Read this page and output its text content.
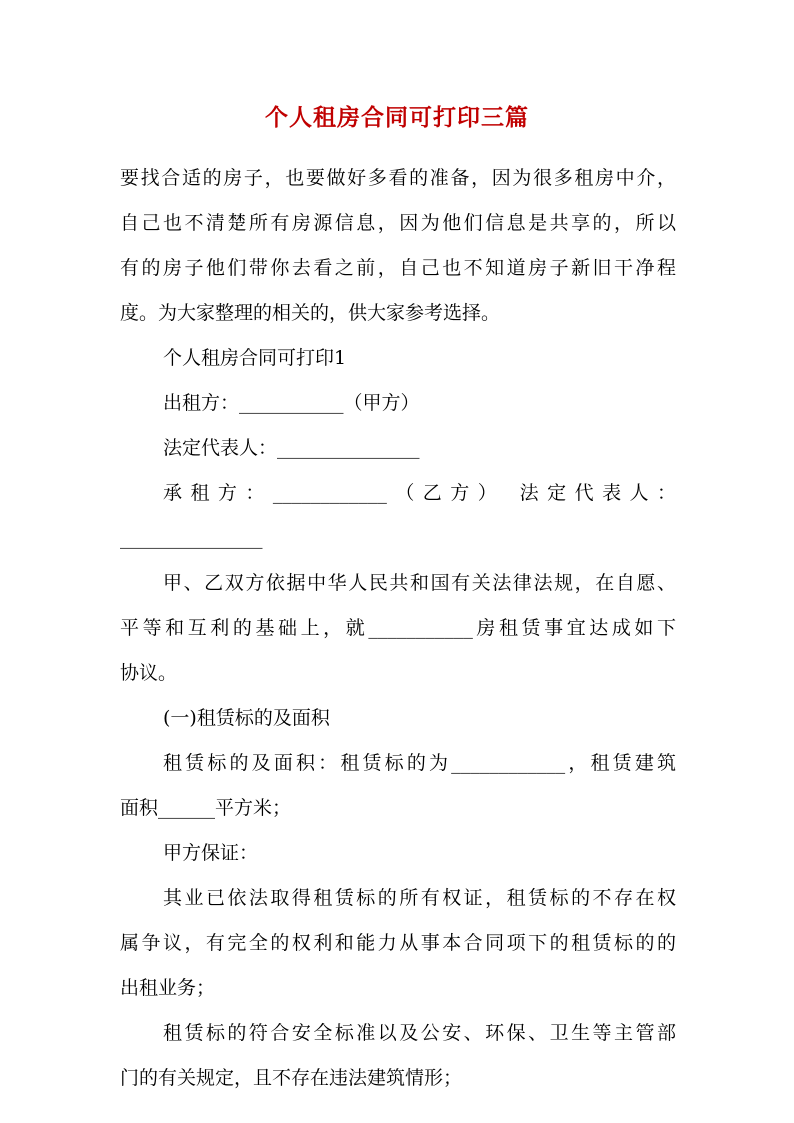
个人租房合同可打印三篇
要找合适的房子，也要做好多看的准备，因为很多租房中介，
自己也不清楚所有房源信息，因为他们信息是共享的，所以
有的房子他们带你去看之前，自己也不知道房子新旧干净程
度。为大家整理的相关的，供大家参考选择。
个人租房合同可打印1
出租方：___________（甲方）
法定代表人：_______________
承租方：____________（乙方） 法定代表人：
_______________
甲、乙双方依据中华人民共和国有关法律法规，在自愿、
平等和互利的基础上，就___________房租赁事宜达成如下
协议。
(一)租赁标的及面积
租赁标的及面积：租赁标的为____________，租赁建筑
面积______平方米；
甲方保证：
其业已依法取得租赁标的所有权证，租赁标的不存在权
属争议，有完全的权利和能力从事本合同项下的租赁标的的
出租业务；
租赁标的符合安全标准以及公安、环保、卫生等主管部
门的有关规定，且不存在违法建筑情形；
